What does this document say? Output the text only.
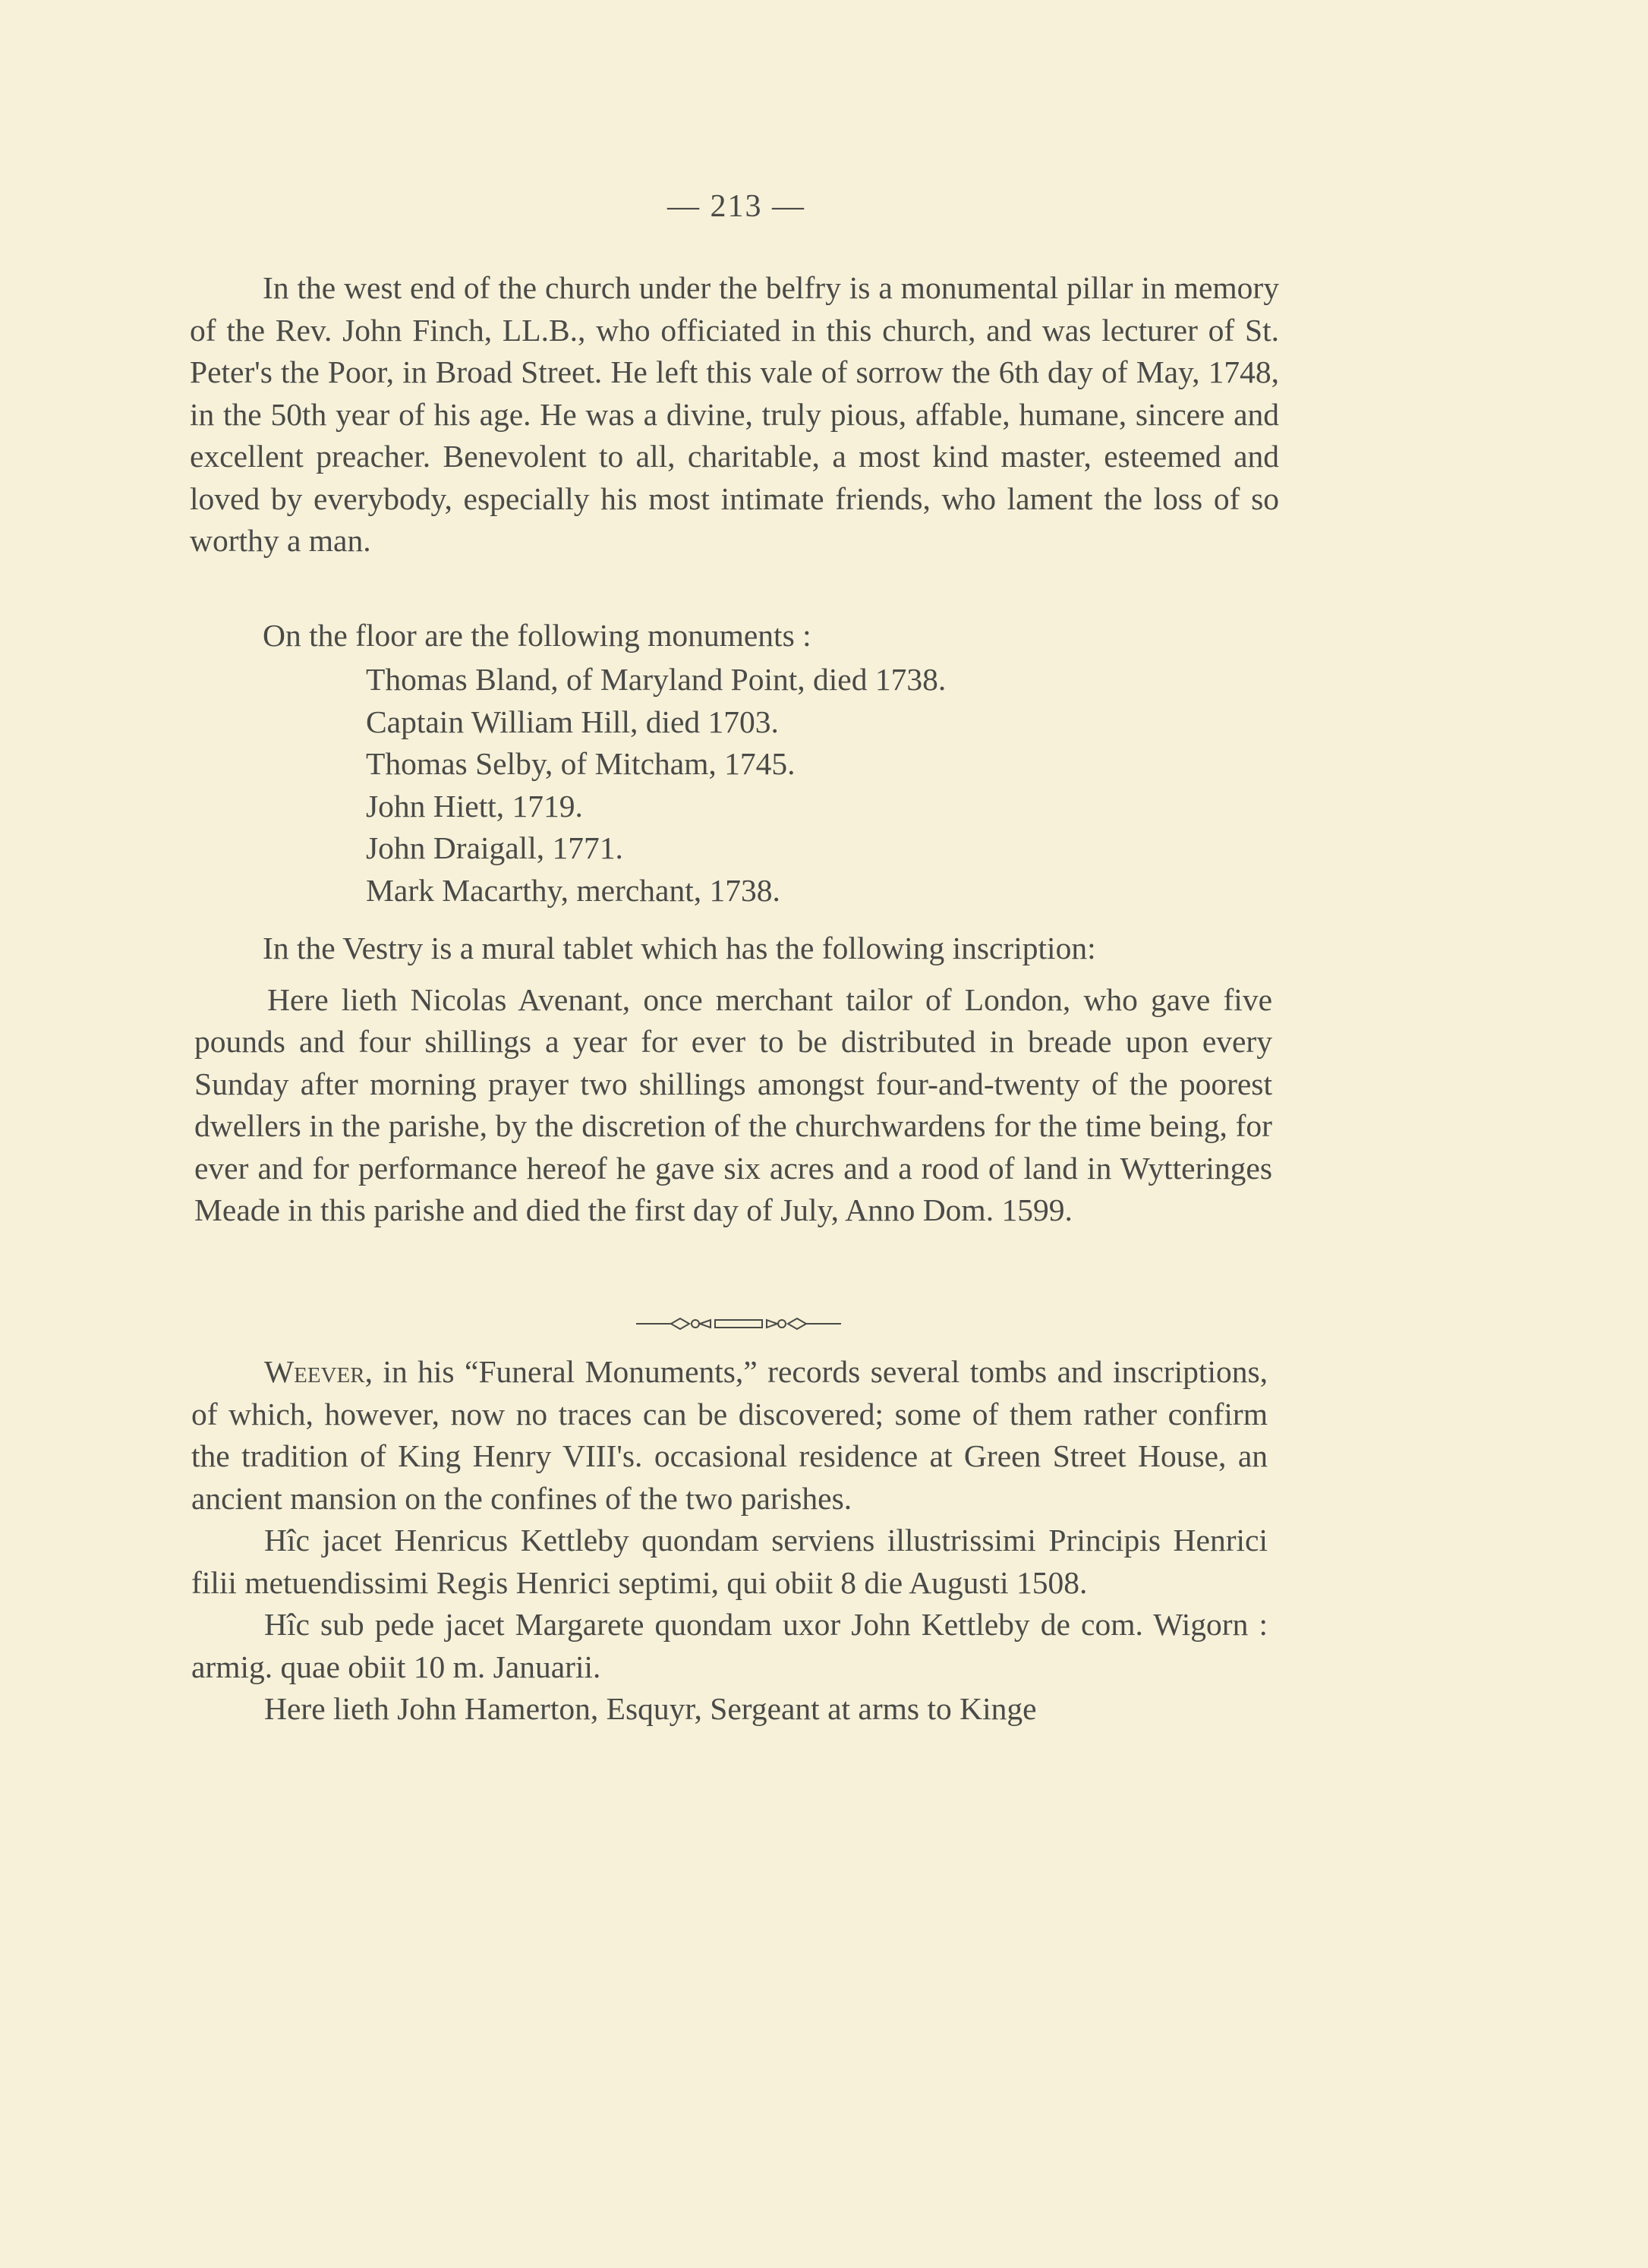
— 213 —

In the west end of the church under the belfry is a monumental pillar in memory of the Rev. John Finch, LL.B., who officiated in this church, and was lecturer of St. Peter's the Poor, in Broad Street. He left this vale of sorrow the 6th day of May, 1748, in the 50th year of his age. He was a divine, truly pious, affable, humane, sincere and excellent preacher. Benevolent to all, charitable, a most kind master, esteemed and loved by everybody, especially his most intimate friends, who lament the loss of so worthy a man.

On the floor are the following monuments :

Thomas Bland, of Maryland Point, died 1738.
Captain William Hill, died 1703.
Thomas Selby, of Mitcham, 1745.
John Hiett, 1719.
John Draigall, 1771.
Mark Macarthy, merchant, 1738.

In the Vestry is a mural tablet which has the following inscription:

Here lieth Nicolas Avenant, once merchant tailor of London, who gave five pounds and four shillings a year for ever to be distributed in breade upon every Sunday after morning prayer two shillings amongst four-and-twenty of the poorest dwellers in the parishe, by the discretion of the churchwardens for the time being, for ever and for performance hereof he gave six acres and a rood of land in Wytteringes Meade in this parishe and died the first day of July, Anno Dom. 1599.

Weever, in his “Funeral Monuments,” records several tombs and inscriptions, of which, however, now no traces can be discovered; some of them rather confirm the tradition of King Henry VIII's. occasional residence at Green Street House, an ancient mansion on the confines of the two parishes.

Hîc jacet Henricus Kettleby quondam serviens illustrissimi Principis Henrici filii metuendissimi Regis Henrici septimi, qui obiit 8 die Augusti 1508.

Hîc sub pede jacet Margarete quondam uxor John Kettleby de com. Wigorn : armig. quae obiit 10 m. Januarii.

Here lieth John Hamerton, Esquyr, Sergeant at arms to Kinge
